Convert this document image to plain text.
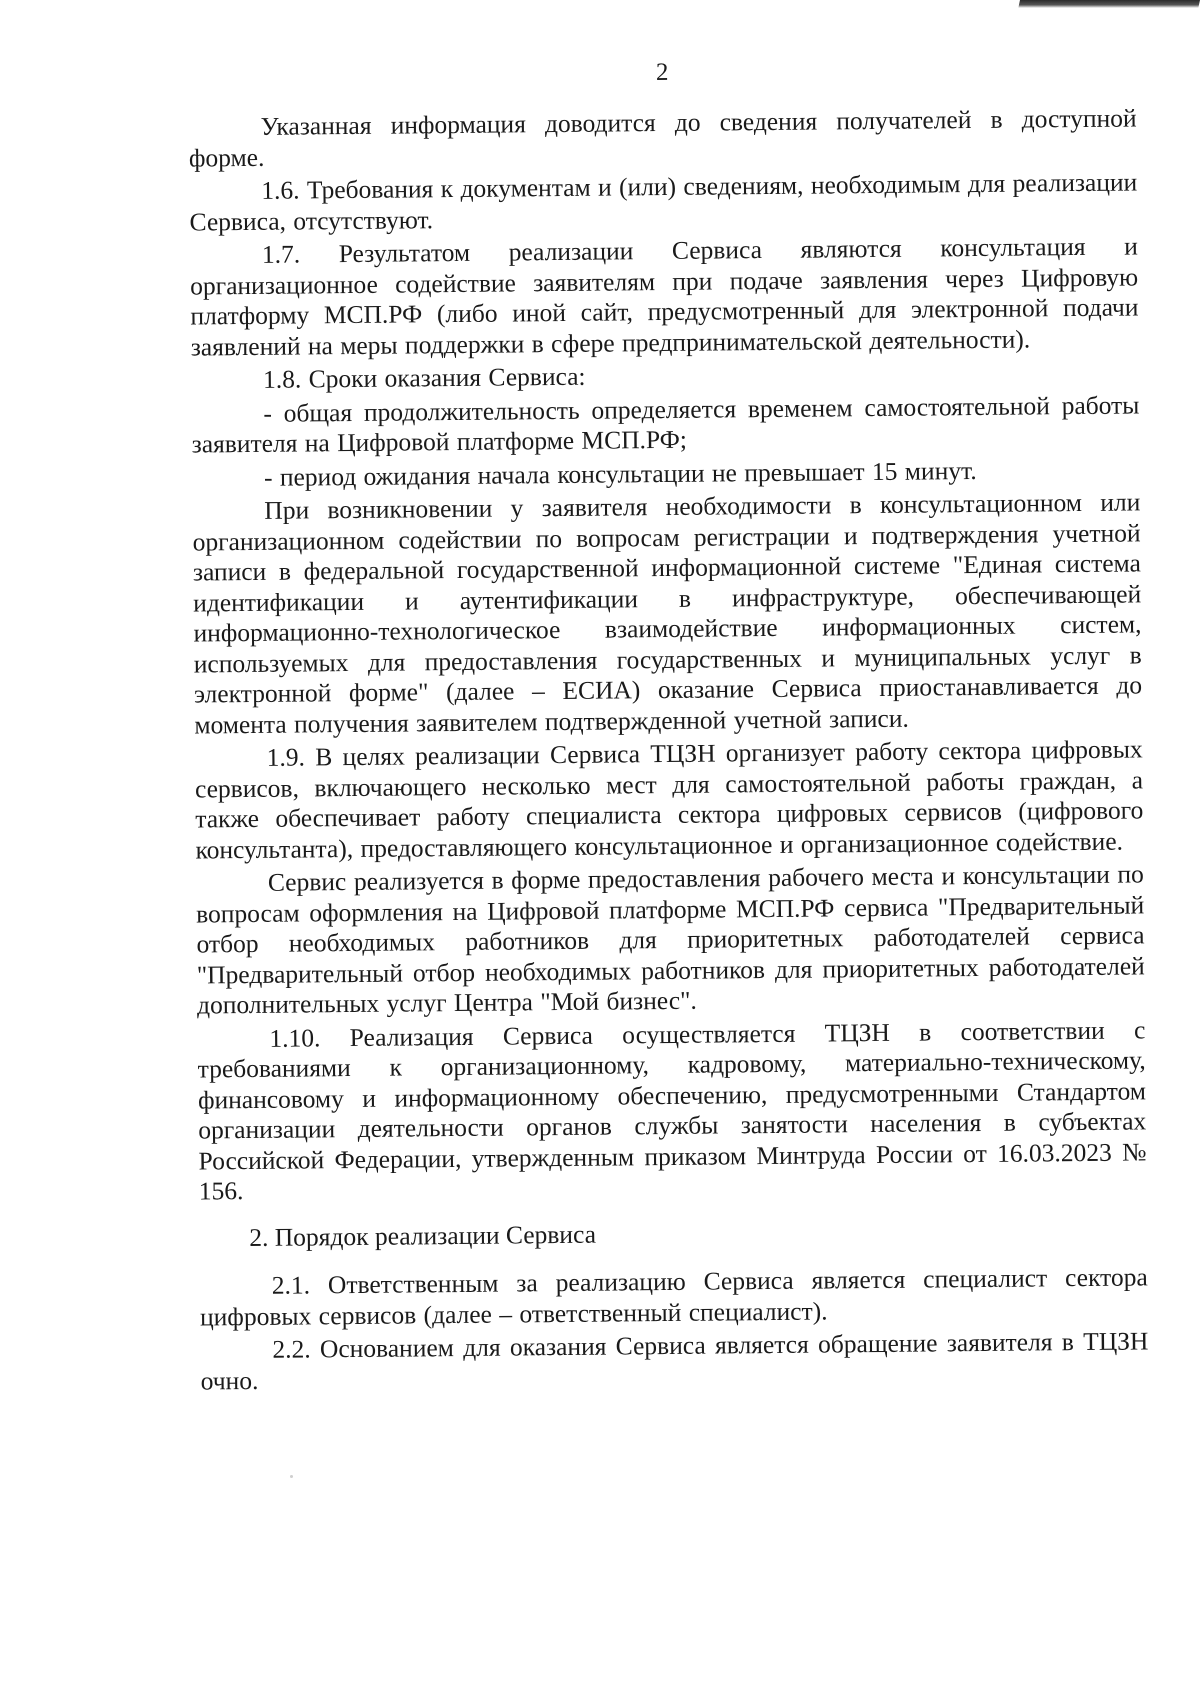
2

Указанная информация доводится до сведения получателей в доступной форме.

1.6. Требования к документам и (или) сведениям, необходимым для реализации Сервиса, отсутствуют.

1.7. Результатом реализации Сервиса являются консультация и организационное содействие заявителям при подаче заявления через Цифровую платформу МСП.РФ (либо иной сайт, предусмотренный для электронной подачи заявлений на меры поддержки в сфере предпринимательской деятельности).

1.8. Сроки оказания Сервиса:

- общая продолжительность определяется временем самостоятельной работы заявителя на Цифровой платформе МСП.РФ;

- период ожидания начала консультации не превышает 15 минут.

При возникновении у заявителя необходимости в консультационном или организационном содействии по вопросам регистрации и подтверждения учетной записи в федеральной государственной информационной системе "Единая система идентификации и аутентификации в инфраструктуре, обеспечивающей информационно-технологическое взаимодействие информационных систем, используемых для предоставления государственных и муниципальных услуг в электронной форме" (далее – ЕСИА) оказание Сервиса приостанавливается до момента получения заявителем подтвержденной учетной записи.

1.9. В целях реализации Сервиса ТЦЗН организует работу сектора цифровых сервисов, включающего несколько мест для самостоятельной работы граждан, а также обеспечивает работу специалиста сектора цифровых сервисов (цифрового консультанта), предоставляющего консультационное и организационное содействие.

Сервис реализуется в форме предоставления рабочего места и консультации по вопросам оформления на Цифровой платформе МСП.РФ сервиса "Предварительный отбор необходимых работников для приоритетных работодателей сервиса "Предварительный отбор необходимых работников для приоритетных работодателей дополнительных услуг Центра "Мой бизнес".

1.10. Реализация Сервиса осуществляется ТЦЗН в соответствии с требованиями к организационному, кадровому, материально-техническому, финансовому и информационному обеспечению, предусмотренными Стандартом организации деятельности органов службы занятости населения в субъектах Российской Федерации, утвержденным приказом Минтруда России от 16.03.2023 № 156.

2. Порядок реализации Сервиса

2.1. Ответственным за реализацию Сервиса является специалист сектора цифровых сервисов (далее – ответственный специалист).

2.2. Основанием для оказания Сервиса является обращение заявителя в ТЦЗН очно.
